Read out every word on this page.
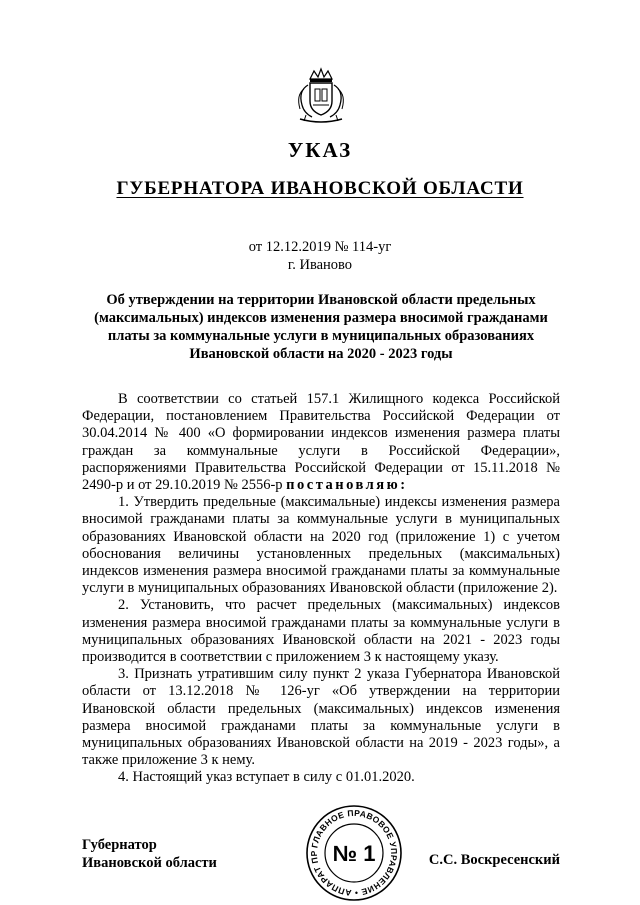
УКАЗ
ГУБЕРНАТОРА ИВАНОВСКОЙ ОБЛАСТИ
от 12.12.2019 № 114-уг
г. Иваново
Об утверждении на территории Ивановской области предельных (максимальных) индексов изменения размера вносимой гражданами платы за коммунальные услуги в муниципальных образованиях Ивановской области на 2020 - 2023 годы

В соответствии со статьей 157.1 Жилищного кодекса Российской Федерации, постановлением Правительства Российской Федерации от 30.04.2014 № 400 «О формировании индексов изменения размера платы граждан за коммунальные услуги в Российской Федерации», распоряжениями Правительства Российской Федерации от 15.11.2018 № 2490-р и от 29.10.2019 № 2556-р постановляю:

1. Утвердить предельные (максимальные) индексы изменения размера вносимой гражданами платы за коммунальные услуги в муниципальных образованиях Ивановской области на 2020 год (приложение 1) с учетом обоснования величины установленных предельных (максимальных) индексов изменения размера вносимой гражданами платы за коммунальные услуги в муниципальных образованиях Ивановской области (приложение 2).

2. Установить, что расчет предельных (максимальных) индексов изменения размера вносимой гражданами платы за коммунальные услуги в муниципальных образованиях Ивановской области на 2021 - 2023 годы производится в соответствии с приложением 3 к настоящему указу.

3. Признать утратившим силу пункт 2 указа Губернатора Ивановской области от 13.12.2018 № 126-уг «Об утверждении на территории Ивановской области предельных (максимальных) индексов изменения размера вносимой гражданами платы за коммунальные услуги в муниципальных образованиях Ивановской области на 2019 - 2023 годы», а также приложение 3 к нему.

4. Настоящий указ вступает в силу с 01.01.2020.

Губернатор
Ивановской области
ГЛАВНОЕ ПРАВОВОЕ УПРАВЛЕНИЕ • АППАРАТ ПР № 1	С.С. Воскресенский
